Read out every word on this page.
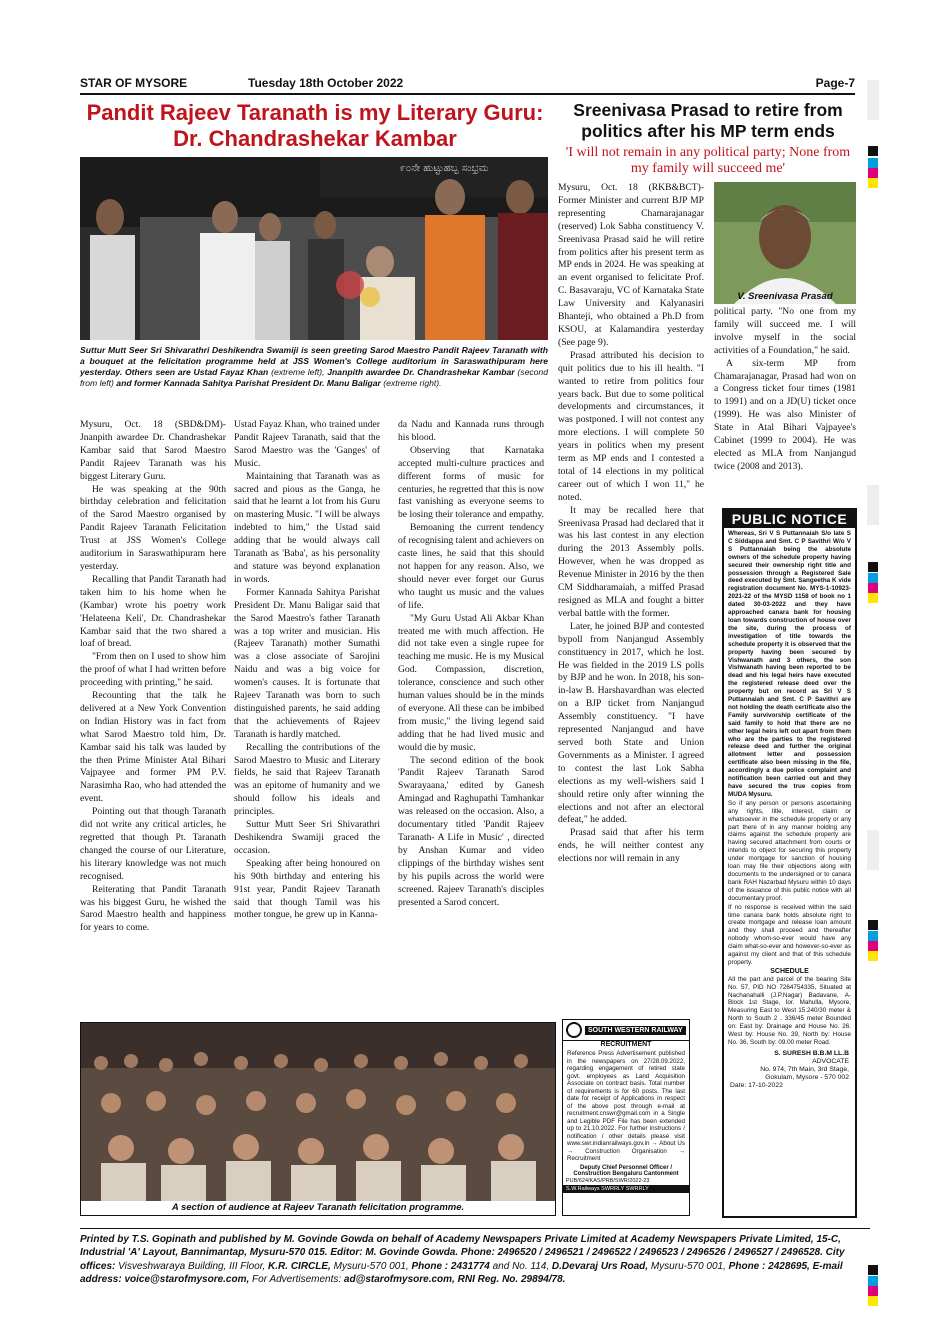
STAR OF MYSORE	Tuesday 18th October 2022	Page-7
Pandit Rajeev Taranath is my Literary Guru: Dr. Chandrashekar Kambar
೯೦ನೇ ಹುಟ್ಟುಹಬ್ಬ ಸಂಭ್ರಮ
Suttur Mutt Seer Sri Shivarathri Deshikendra Swamiji is seen greeting Sarod Maestro Pandit Rajeev Taranath with a bouquet at the felicitation programme held at JSS Women's College auditorium in Saraswathipuram here yesterday. Others seen are Ustad Fayaz Khan (extreme left), Jnanpith awardee Dr. Chandrashekar Kambar (second from left) and former Kannada Sahitya Parishat President Dr. Manu Baligar (extreme right).

Mysuru, Oct. 18 (SBD&DM)- Jnanpith awardee Dr. Chandrashekar Kambar said that Sarod Maestro Pandit Rajeev Taranath was his biggest Literary Guru.

He was speaking at the 90th birthday celebration and felicitation of the Sarod Maestro organised by Pandit Rajeev Taranath Felicitation Trust at JSS Women's College auditorium in Saraswathipuram here yesterday.

Recalling that Pandit Taranath had taken him to his home when he (Kambar) wrote his poetry work 'Helateena Keli', Dr. Chandrashekar Kambar said that the two shared a loaf of bread.

"From then on I used to show him the proof of what I had written before proceeding with printing," he said.

Recounting that the talk he delivered at a New York Convention on Indian History was in fact from what Sarod Maestro told him, Dr. Kambar said his talk was lauded by the then Prime Minister Atal Bihari Vajpayee and former PM P.V. Narasimha Rao, who had attended the event.

Pointing out that though Taranath did not write any critical articles, he regretted that though Pt. Taranath changed the course of our Literature, his literary knowledge was not much recognised.

Reiterating that Pandit Taranath was his biggest Guru, he wished the Sarod Maestro health and happiness for years to come.

Ustad Fayaz Khan, who trained under Pandit Rajeev Taranath, said that the Sarod Maestro was the 'Ganges' of Music.

Maintaining that Taranath was as sacred and pious as the Ganga, he said that he learnt a lot from his Guru on mastering Music. "I will be always indebted to him," the Ustad said adding that he would always call Taranath as 'Baba', as his personality and stature was beyond explanation in words.

Former Kannada Sahitya Parishat President Dr. Manu Baligar said that the Sarod Maestro's father Taranath was a top writer and musician. His (Rajeev Taranath) mother Sumathi was a close associate of Sarojini Naidu and was a big voice for women's causes. It is fortunate that Rajeev Taranath was born to such distinguished parents, he said adding that the achievements of Rajeev Taranath is hardly matched.

Recalling the contributions of the Sarod Maestro to Music and Literary fields, he said that Rajeev Taranath was an epitome of humanity and we should follow his ideals and principles.

Suttur Mutt Seer Sri Shivarathri Deshikendra Swamiji graced the occasion.

Speaking after being honoured on his 90th birthday and entering his 91st year, Pandit Rajeev Taranath said that though Tamil was his mother tongue, he grew up in Kanna-

da Nadu and Kannada runs through his blood.

Observing that Karnataka accepted multi-culture practices and different forms of music for centuries, he regretted that this is now fast vanishing as everyone seems to be losing their tolerance and empathy.

Bemoaning the current tendency of recognising talent and achievers on caste lines, he said that this should not happen for any reason. Also, we should never ever forget our Gurus who taught us music and the values of life.

"My Guru Ustad Ali Akbar Khan treated me with much affection. He did not take even a single rupee for teaching me music. He is my Musical God. Compassion, discretion, tolerance, conscience and such other human values should be in the minds of everyone. All these can be imbibed from music," the living legend said adding that he had lived music and would die by music.

The second edition of the book 'Pandit Rajeev Taranath Sarod Swarayaana,' edited by Ganesh Amingad and Raghupathi Tamhankar was released on the occasion. Also, a documentary titled 'Pandit Rajeev Taranath- A Life in Music' , directed by Anshan Kumar and video clippings of the birthday wishes sent by his pupils across the world were screened. Rajeev Taranath's disciples presented a Sarod concert.

A section of audience at Rajeev Taranath felicitation programme.
Sreenivasa Prasad to retire from politics after his MP term ends
'I will not remain in any political party; None from my family will succeed me'

Mysuru, Oct. 18 (RKB&BCT)- Former Minister and current BJP MP representing Chamarajanagar (reserved) Lok Sabha constituency V. Sreenivasa Prasad said he will retire from politics after his present term as MP ends in 2024. He was speaking at an event organised to felicitate Prof. C. Basavaraju, VC of Karnataka State Law University and Kalyanasiri Bhanteji, who obtained a Ph.D from KSOU, at Kalamandira yesterday (See page 9).

Prasad attributed his decision to quit politics due to his ill health. "I wanted to retire from politics four years back. But due to some political developments and circumstances, it was postponed. I will not contest any more elections. I will complete 50 years in politics when my present term as MP ends and I contested a total of 14 elections in my political career out of which I won 11," he noted.

It may be recalled here that Sreenivasa Prasad had declared that it was his last contest in any election during the 2013 Assembly polls. However, when he was dropped as Revenue Minister in 2016 by the then CM Siddharamaiah, a miffed Prasad resigned as MLA and fought a bitter verbal battle with the former.

Later, he joined BJP and contested bypoll from Nanjangud Assembly constituency in 2017, which he lost. He was fielded in the 2019 LS polls by BJP and he won. In 2018, his son-in-law B. Harshavardhan was elected on a BJP ticket from Nanjangud Assembly constituency. "I have represented Nanjangud and have served both State and Union Governments as a Minister. I agreed to contest the last Lok Sabha elections as my well-wishers said I should retire only after winning the elections and not after an electoral defeat," he added.

Prasad said that after his term ends, he will neither contest any elections nor will remain in any

V. Sreenivasa Prasad

political party. "No one from my family will succeed me. I will involve myself in the social activities of a Foundation," he said.

A six-term MP from Chamarajanagar, Prasad had won on a Congress ticket four times (1981 to 1991) and on a JD(U) ticket once (1999). He was also Minister of State in Atal Bihari Vajpayee's Cabinet (1999 to 2004). He was elected as MLA from Nanjangud twice (2008 and 2013).

SOUTH WESTERN RAILWAY
RECRUITMENT
Reference Press Advertisement published in the newspapers on 27/28.09.2022, regarding engagement of retired state govt. employees as Land Acquisition Associate on contract basis. Total number of requirements is for 60 posts. The last date for receipt of Applications in respect of the above post through e-mail at recruitment.cnswr@gmail.com in a Single and Legible PDF File has been extended up to 21.10.2022. For further instructions / notification / other details please visit www.swr.indianrailways.gov.in → About Us → Construction Organisation → Recruitment
Deputy Chief Personnel Officer / Construction Bengaluru Cantonment
PUB/624/KAS/PRB/SWR/2022-23
S.W.Railways SWRRLY SWRRLY
PUBLIC NOTICE

Whereas, Sri V S Puttannaiah S/o late S C Siddappa and Smt. C P Savithri W/o V S Puttannaiah being the absolute owners of the schedule property having secured their ownership right title and possession through a Registered Sale deed executed by Smt. Sangeetha K vide registration document No. MYS-1-10923-2021-22 of the MYSD 1158 of book no 1 dated 30-03-2022 and they have approached canara bank for housing loan towards construction of house over the site, during the process of investigation of title towards the schedule property it is observed that the property having been secured by Vishwanath and 3 others, the son Vishwanath having been reported to be dead and his legal heirs have executed the registered release deed over the property but on record as Sri V S Puttannaiah and Smt. C P Savithri are not holding the death certificate also the Family survivorship certificate of the said family to hold that there are no other legal heirs left out apart from them who are the parties to the registered release deed and further the original allotment letter and possession certificate also been missing in the file, accordingly a due police complaint and notification been carried out and they have secured the true copies from MUDA Mysuru.

So if any person or persons ascertaining any rights, title, interest, claim or whatsoever in the schedule property or any part there of in any manner holding any claims against the schedule property are having secured attachment from courts or intends to object for securing this property under mortgage for sanction of housing loan may file their objections along with documents to the undersigned or to canara bank RAH Nazarbad Mysuru within 10 days of the issuance of this public notice with all documentary proof.

If no response is received within the said time canara bank holds absolute right to create mortgage and release loan amount and they shall proceed and thereafter nobody whom-so-ever would have any claim what-so-ever and however-so-ever as against my client and that of this schedule property.

SCHEDULE

All the part and parcel of the bearing Site No. 57, PID NO 7264754335, Situated at Nachanahalli (J.P.Nagar) Badavane, A-Block 1st Stage, Ior. Mahulla, Mysore, Measuring East to West 15.240/30 meter & North to South 2 . 336/45 meter Bounded on: East by: Drainage and House No. 26. West by: House No. 39, North by: House No. 36, South by: 09.00 meter Road.

S. SURESH B.B.M LL.B
ADVOCATE
No. 974, 7th Main, 3rd Stage,
Gokulam, Mysore - 570 002
Date: 17-10-2022
Printed by T.S. Gopinath and published by M. Govinde Gowda on behalf of Academy Newspapers Private Limited at Academy Newspapers Private Limited, 15-C, Industrial 'A' Layout, Bannimantap, Mysuru-570 015. Editor: M. Govinde Gowda. Phone: 2496520 / 2496521 / 2496522 / 2496523 / 2496526 / 2496527 / 2496528. City offices: Visveshwaraya Building, III Floor, K.R. CIRCLE, Mysuru-570 001, Phone : 2431774 and No. 114, D.Devaraj Urs Road, Mysuru-570 001, Phone : 2428695, E-mail address: voice@starofmysore.com, For Advertisements: ad@starofmysore.com, RNI Reg. No. 29894/78.
